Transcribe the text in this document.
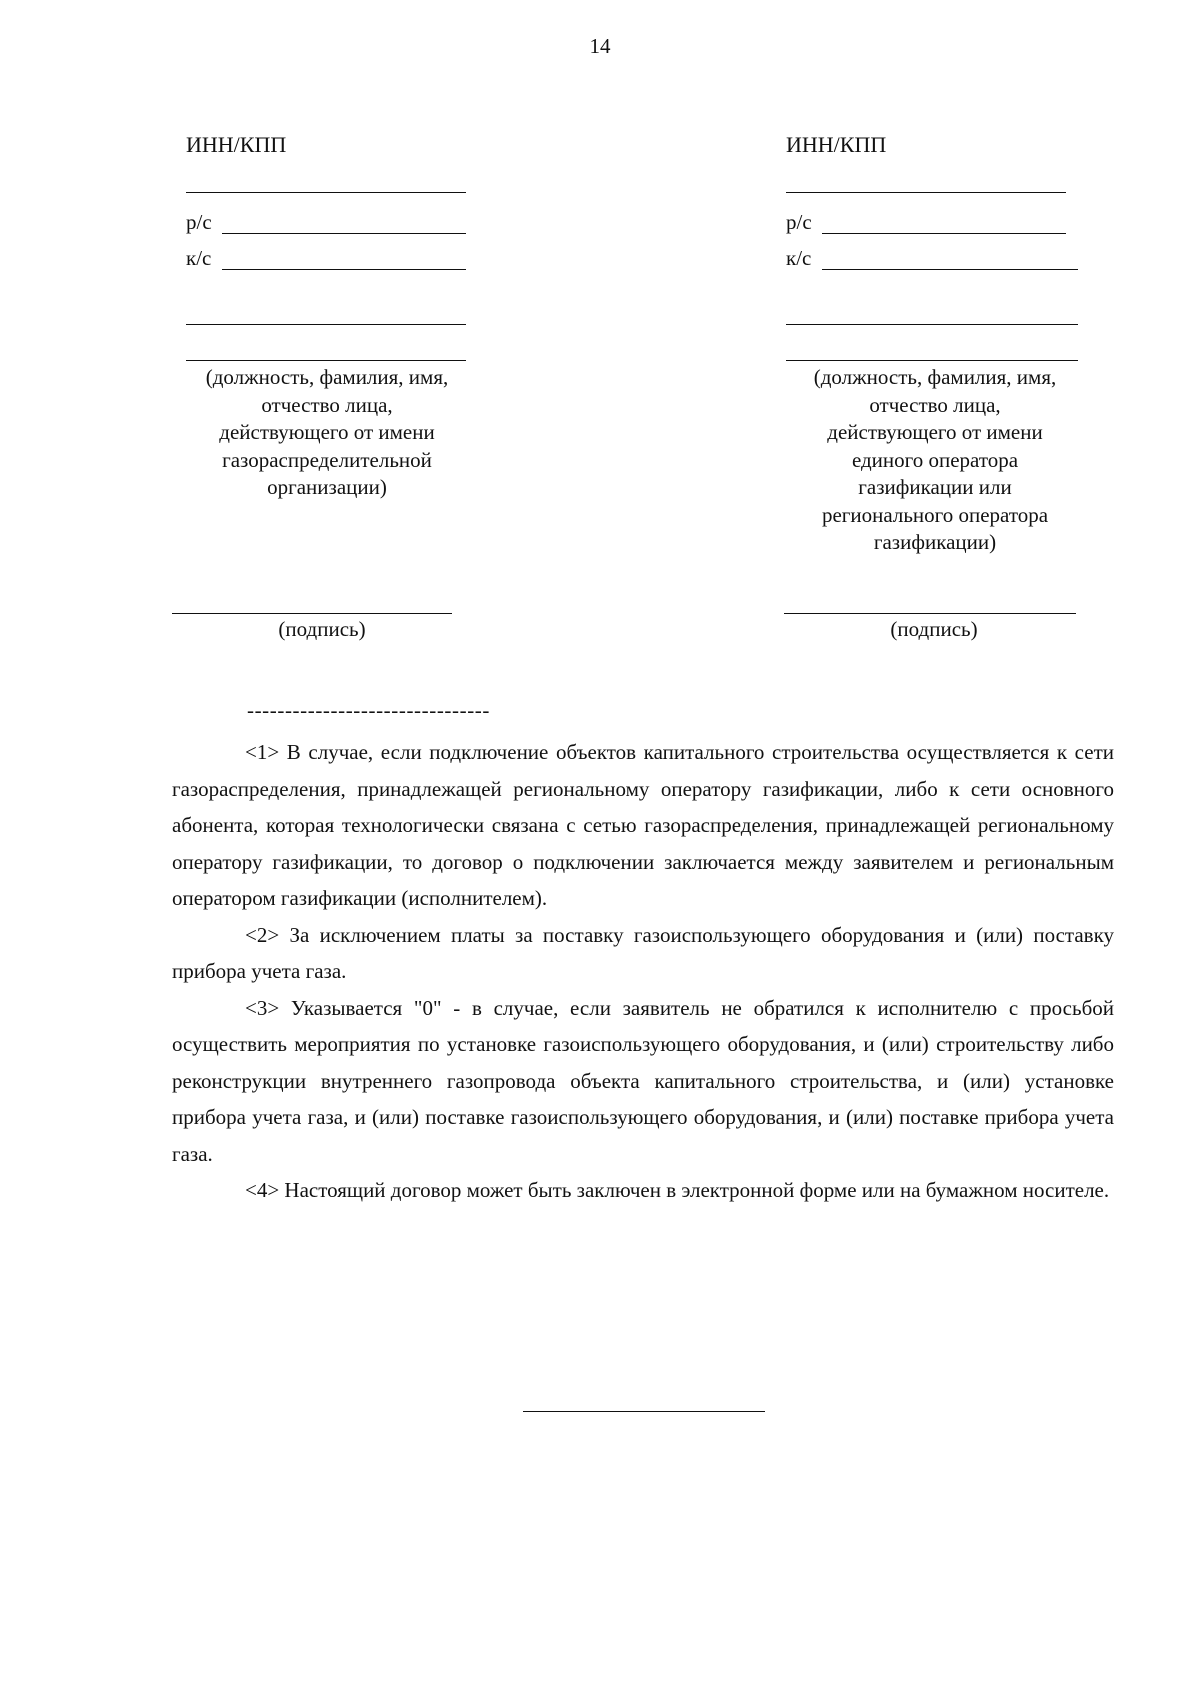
14
ИНН/КПП
р/с
к/с
(должность, фамилия, имя,
отчество лица,
действующего от имени
газораспределительной
организации)
(подпись)
ИНН/КПП
р/с
к/с
(должность, фамилия, имя,
отчество лица,
действующего от имени
единого оператора
газификации или
регионального оператора
газификации)
(подпись)
--------------------------------

<1> В случае, если подключение объектов капитального строительства осуществляется к сети газораспределения, принадлежащей региональному оператору газификации, либо к сети основного абонента, которая технологически связана с сетью газораспределения, принадлежащей региональному оператору газификации, то договор о подключении заключается между заявителем и региональным оператором газификации (исполнителем).

<2> За исключением платы за поставку газоиспользующего оборудования и (или) поставку прибора учета газа.

<3> Указывается "0" - в случае, если заявитель не обратился к исполнителю с просьбой осуществить мероприятия по установке газоиспользующего оборудования, и (или) строительству либо реконструкции внутреннего газопровода объекта капитального строительства, и (или) установке прибора учета газа, и (или) поставке газоиспользующего оборудования, и (или) поставке прибора учета газа.

<4> Настоящий договор может быть заключен в электронной форме или на бумажном носителе.
